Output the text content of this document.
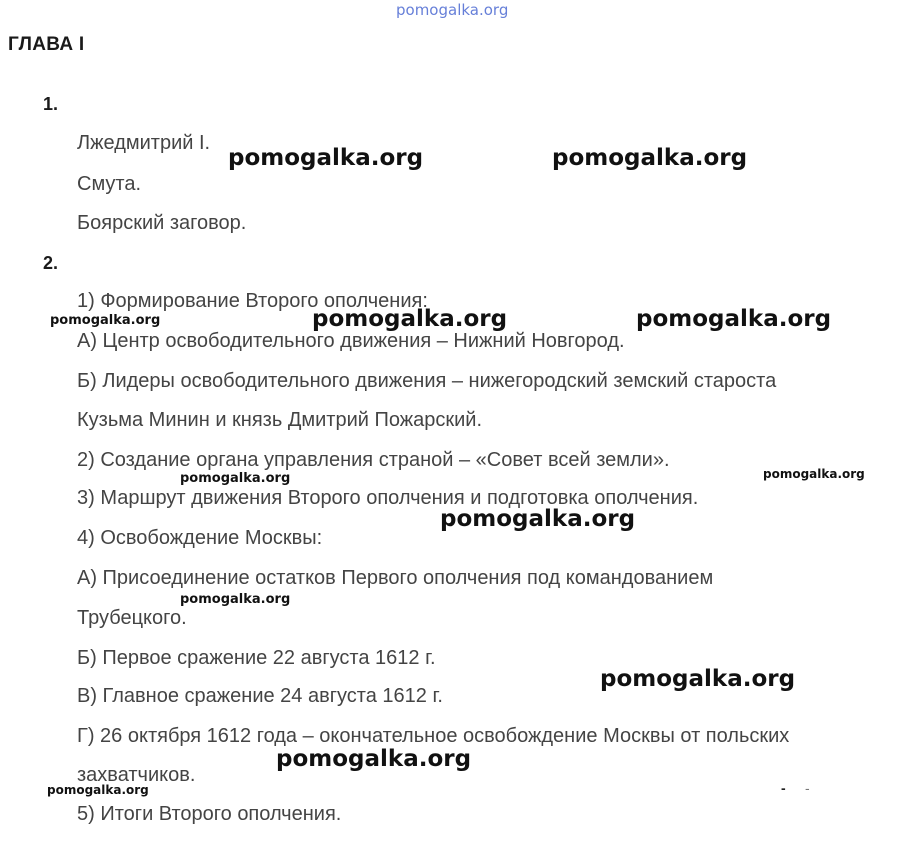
pomogalka.org
ГЛАВА I
1.
Лжедмитрий I.
Смута.
Боярский заговор.
2.
1) Формирование Второго ополчения:
А) Центр освободительного движения – Нижний Новгород.
Б) Лидеры освободительного движения – нижегородский земский староста
Кузьма Минин и князь Дмитрий Пожарский.
2) Создание органа управления страной – «Совет всей земли».
3) Маршрут движения Второго ополчения и подготовка ополчения.
4) Освобождение Москвы:
А) Присоединение остатков Первого ополчения под командованием
Трубецкого.
Б) Первое сражение 22 августа 1612 г.
В) Главное сражение 24 августа 1612 г.
Г) 26 октября 1612 года – окончательное освобождение Москвы от польских
захватчиков.
5) Итоги Второго ополчения.
pomogalka.org	pomogalka.org
pomogalka.org	pomogalka.org	pomogalka.org
pomogalka.org	pomogalka.org
pomogalka.org
pomogalka.org
pomogalka.org
pomogalka.org
pomogalka.org	- -
